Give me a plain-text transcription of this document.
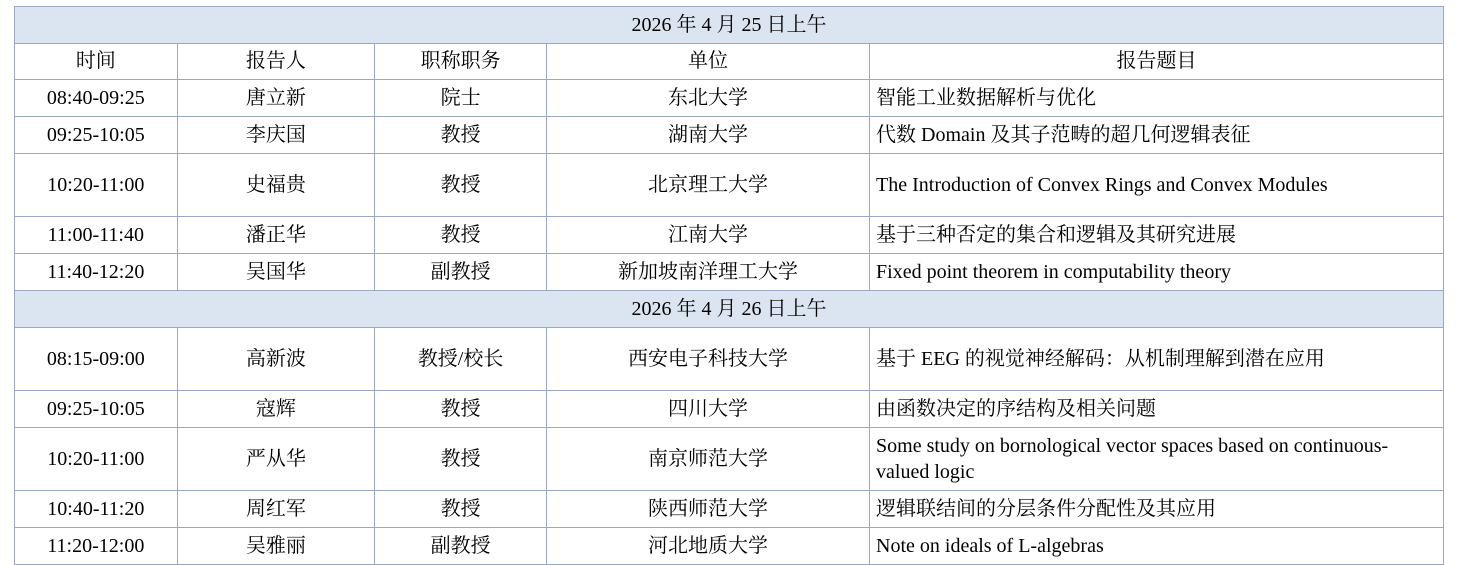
2026 年 4 月 25 日上午				
时间	报告人	职称职务	单位	报告题目
08:40-09:25	唐立新	院士	东北大学	智能工业数据解析与优化
09:25-10:05	李庆国	教授	湖南大学	代数 Domain 及其子范畴的超几何逻辑表征
10:20-11:00	史福贵	教授	北京理工大学	The Introduction of Convex Rings and Convex Modules
11:00-11:40	潘正华	教授	江南大学	基于三种否定的集合和逻辑及其研究进展
11:40-12:20	吴国华	副教授	新加坡南洋理工大学	Fixed point theorem in computability theory
2026 年 4 月 26 日上午				
08:15-09:00	高新波	教授/校长	西安电子科技大学	基于 EEG 的视觉神经解码：从机制理解到潜在应用
09:25-10:05	寇辉	教授	四川大学	由函数决定的序结构及相关问题
10:20-11:00	严从华	教授	南京师范大学	Some study on bornological vector spaces based on continuous-valued logic
10:40-11:20	周红军	教授	陕西师范大学	逻辑联结间的分层条件分配性及其应用
11:20-12:00	吴雅丽	副教授	河北地质大学	Note on ideals of L-algebras
